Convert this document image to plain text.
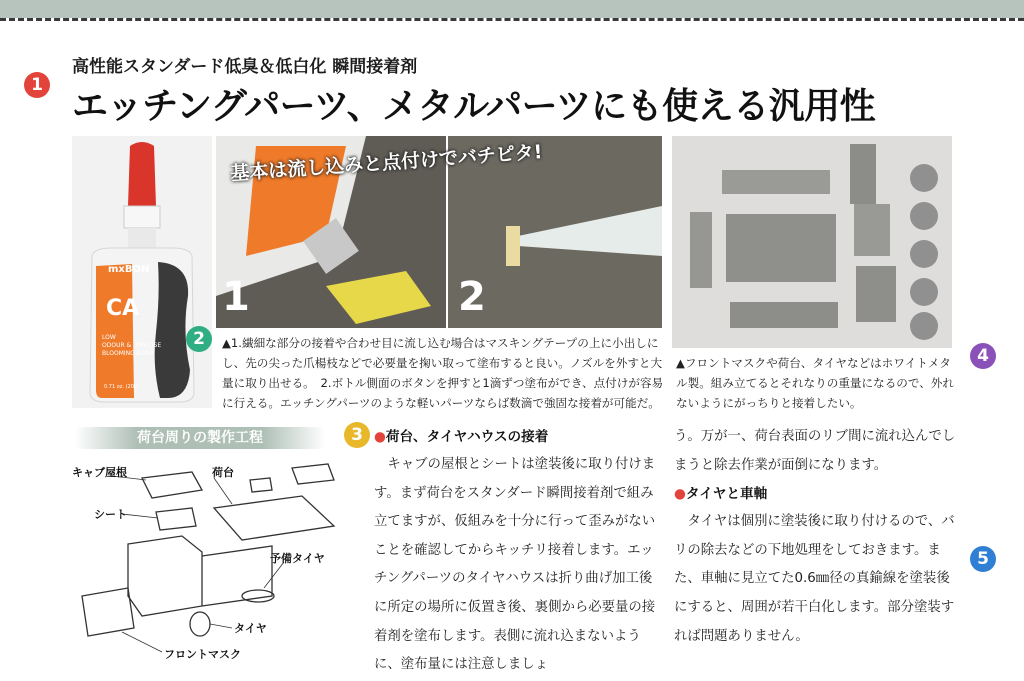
1
高性能スタンダード低臭＆低白化 瞬間接着剤
エッチングパーツ、メタルパーツにも使える汎用性
mxBON
CA
LOW
ODOUR &
BLOOMING
PRECISE
BOND
0.71 oz. (20g)
1	2
基本は流し込みと点付けでバチピタ!
2
4
3
5
▲1.繊細な部分の接着や合わせ目に流し込む場合はマスキングテープの上に小出しにし、先の尖った爪楊枝などで必要量を掬い取って塗布すると良い。ノズルを外すと大量に取り出せる。　2.ボトル側面のボタンを押すと1滴ずつ塗布ができ、点付けが容易に行える。エッチングパーツのような軽いパーツならば数滴で強固な接着が可能だ。
▲フロントマスクや荷台、タイヤなどはホワイトメタル製。組み立てるとそれなりの重量になるので、外れないようにがっちりと接着したい。
荷台周りの製作工程
キャブ屋根	荷台
シート
予備タイヤ
タイヤ
フロントマスク
●荷台、タイヤハウスの接着

キャブの屋根とシートは塗装後に取り付けます。まず荷台をスタンダード瞬間接着剤で組み立てますが、仮組みを十分に行って歪みがないことを確認してからキッチリ接着します。エッチングパーツのタイヤハウスは折り曲げ加工後に所定の場所に仮置き後、裏側から必要量の接着剤を塗布します。表側に流れ込まないように、塗布量には注意しましょ

う。万が一、荷台表面のリブ間に流れ込んでしまうと除去作業が面倒になります。

●タイヤと車軸

タイヤは個別に塗装後に取り付けるので、バリの除去などの下地処理をしておきます。また、車軸に見立てた0.6㎜径の真鍮線を塗装後にすると、周囲が若干白化します。部分塗装すれば問題ありません。
